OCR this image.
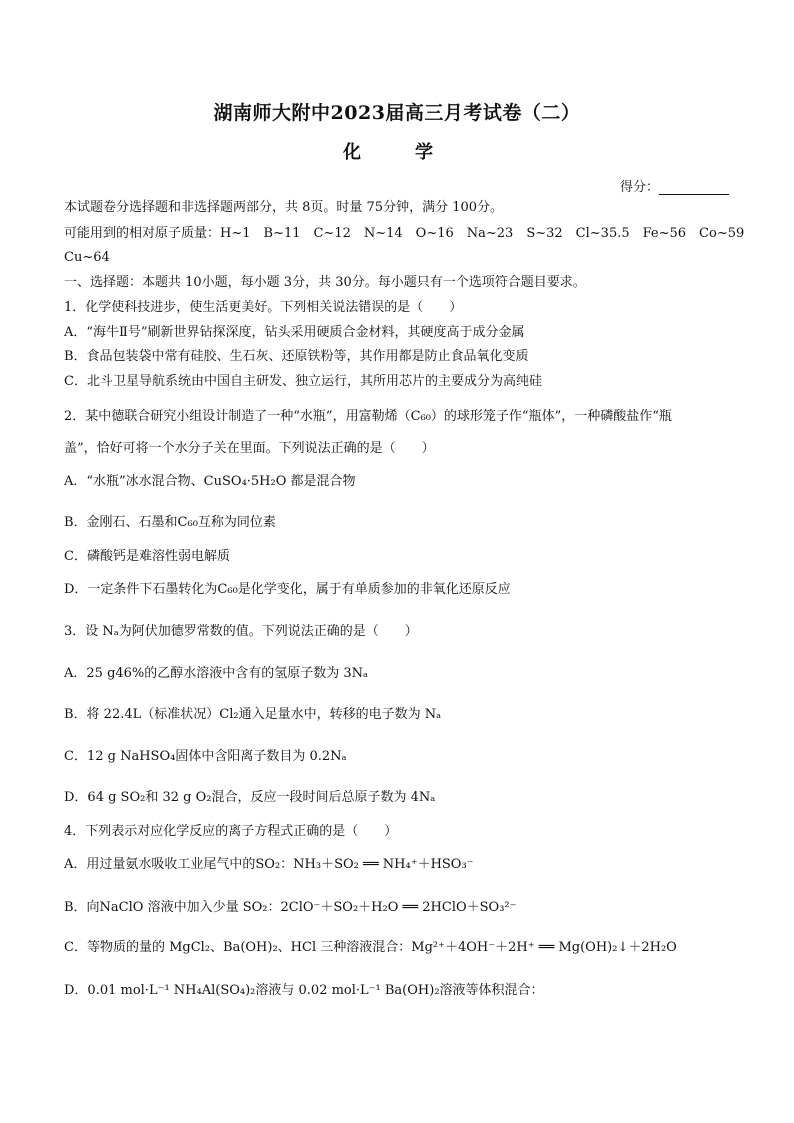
湖南师大附中2023届高三月考试卷（二）
化　学
得分：
本试题卷分选择题和非选择题两部分，共 8页。时量 75分钟，满分 100分。
可能用到的相对原子质量：H~1　B~11　C~12　N~14　O~16　Na~23　S~32　Cl~35.5　Fe~56　Co~59
Cu~64
一、选择题：本题共 10小题，每小题 3分，共 30分。每小题只有一个选项符合题目要求。
1．化学使科技进步，使生活更美好。下列相关说法错误的是（　　）
A．“海牛Ⅱ号”刷新世界钻探深度，钻头采用硬质合金材料，其硬度高于成分金属
B．食品包装袋中常有硅胶、生石灰、还原铁粉等，其作用都是防止食品氧化变质
C．北斗卫星导航系统由中国自主研发、独立运行，其所用芯片的主要成分为高纯硅
2．某中德联合研究小组设计制造了一种“水瓶”，用富勒烯（C₆₀）的球形笼子作“瓶体”，一种磷酸盐作“瓶
盖”，恰好可将一个水分子关在里面。下列说法正确的是（　　）
A．“水瓶”冰水混合物、CuSO₄·5H₂O 都是混合物
B．金刚石、石墨和C₆₀互称为同位素
C．磷酸钙是难溶性弱电解质
D．一定条件下石墨转化为C₆₀是化学变化，属于有单质参加的非氧化还原反应
3．设 Nₐ为阿伏加德罗常数的值。下列说法正确的是（　　）
A．25 g46%的乙醇水溶液中含有的氢原子数为 3Nₐ
B．将 22.4L（标准状况）Cl₂通入足量水中，转移的电子数为 Nₐ
C．12 g NaHSO₄固体中含阳离子数目为 0.2Nₐ
D．64 g SO₂和 32 g O₂混合，反应一段时间后总原子数为 4Nₐ
4．下列表示对应化学反应的离子方程式正确的是（　　）
A．用过量氨水吸收工业尾气中的SO₂：NH₃＋SO₂ ══ NH₄⁺＋HSO₃⁻
B．向NaClO 溶液中加入少量 SO₂：2ClO⁻＋SO₂＋H₂O ══ 2HClO＋SO₃²⁻
C．等物质的量的 MgCl₂、Ba(OH)₂、HCl 三种溶液混合：Mg²⁺＋4OH⁻＋2H⁺ ══ Mg(OH)₂↓＋2H₂O
D．0.01 mol·L⁻¹ NH₄Al(SO₄)₂溶液与 0.02 mol·L⁻¹ Ba(OH)₂溶液等体积混合：
